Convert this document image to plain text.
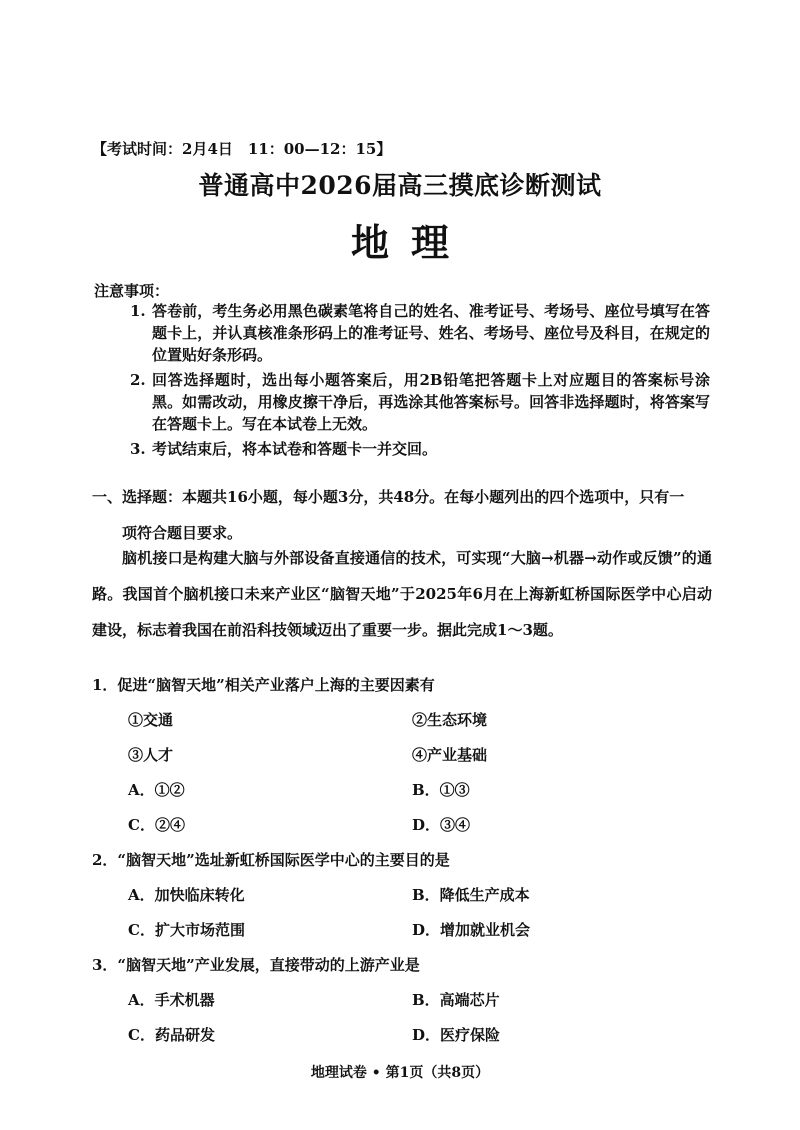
【考试时间：2月4日　11：00—12：15】
普通高中2026届高三摸底诊断测试
地理
注意事项：
1. 答卷前，考生务必用黑色碳素笔将自己的姓名、准考证号、考场号、座位号填写在答题卡上，并认真核准条形码上的准考证号、姓名、考场号、座位号及科目，在规定的位置贴好条形码。
2. 回答选择题时，选出每小题答案后，用2B铅笔把答题卡上对应题目的答案标号涂黑。如需改动，用橡皮擦干净后，再选涂其他答案标号。回答非选择题时，将答案写在答题卡上。写在本试卷上无效。
3. 考试结束后，将本试卷和答题卡一并交回。
一、选择题：本题共16小题，每小题3分，共48分。在每小题列出的四个选项中，只有一
项符合题目要求。
脑机接口是构建大脑与外部设备直接通信的技术，可实现“大脑→机器→动作或反馈”的通路。我国首个脑机接口未来产业区“脑智天地”于2025年6月在上海新虹桥国际医学中心启动建设，标志着我国在前沿科技领域迈出了重要一步。据此完成1～3题。
1．促进“脑智天地”相关产业落户上海的主要因素有
①交通	②生态环境
③人才	④产业基础
A．①②	B．①③
C．②④	D．③④
2．“脑智天地”选址新虹桥国际医学中心的主要目的是
A．加快临床转化	B．降低生产成本
C．扩大市场范围	D．增加就业机会
3．“脑智天地”产业发展，直接带动的上游产业是
A．手术机器	B．高端芯片
C．药品研发	D．医疗保险
地理试卷 • 第1页（共8页）
